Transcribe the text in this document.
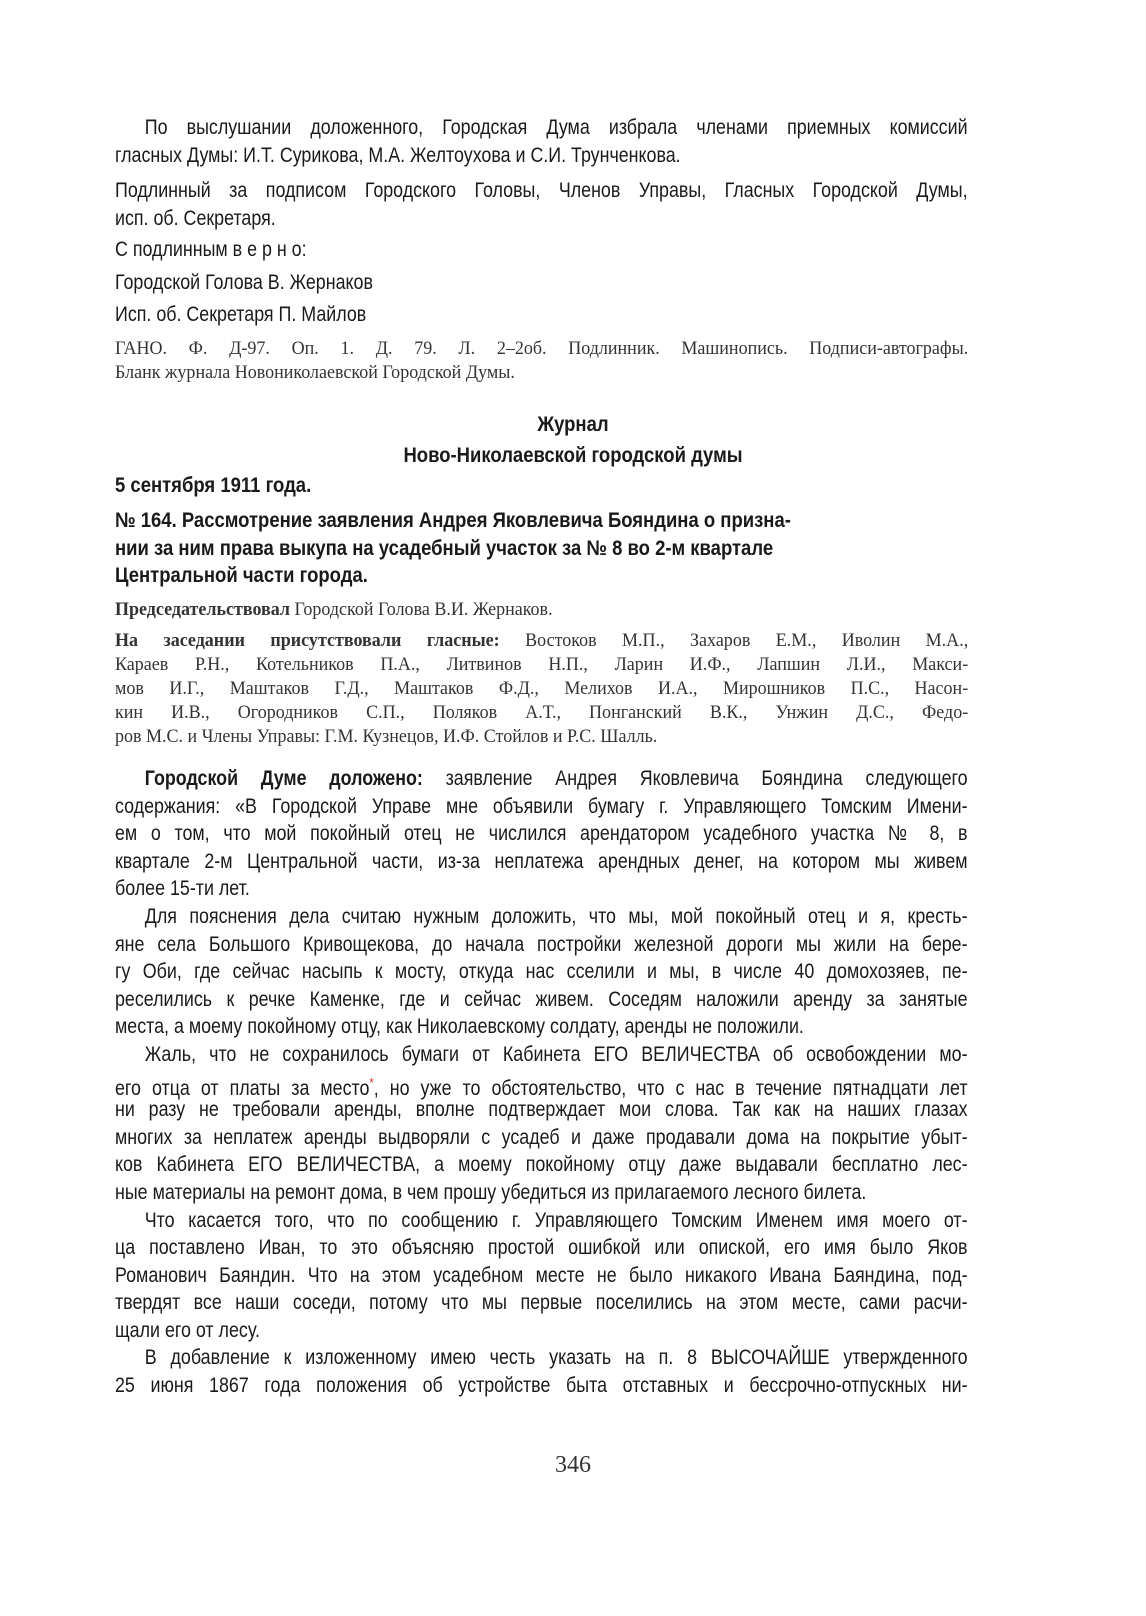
Журнал
Ново-Николаевской городской думы
5 сентября 1911 года.
№ 164. Рассмотрение заявления Андрея Яковлевича Бояндина о призна-
нии за ним права выкупа на усадебный участок за № 8 во 2-м квартале
Центральной части города.
По выслушании доложенного, Городская Дума избрала членами приемных комиссий
гласных Думы: И.Т. Сурикова, М.А. Желтоухова и С.И. Трунченкова.
Подлинный за подписом Городского Головы, Членов Управы, Гласных Городской Думы,
исп. об. Секретаря.
С подлинным в е р н о:
Городской Голова В. Жернаков
Исп. об. Секретаря П. Майлов
ГАНО. Ф. Д-97. Оп. 1. Д. 79. Л. 2–2об. Подлинник. Машинопись. Подписи-автографы.
Бланк журнала Новониколаевской Городской Думы.
Председательствовал Городской Голова В.И. Жернаков.
На заседании присутствовали гласные: Востоков М.П., Захаров Е.М., Иволин М.А.,
Караев Р.Н., Котельников П.А., Литвинов Н.П., Ларин И.Ф., Лапшин Л.И., Макси-
мов И.Г., Маштаков Г.Д., Маштаков Ф.Д., Мелихов И.А., Мирошников П.С., Насон-
кин И.В., Огородников С.П., Поляков А.Т., Понганский В.К., Унжин Д.С., Федо-
ров М.С. и Члены Управы: Г.М. Кузнецов, И.Ф. Стойлов и Р.С. Шалль.
Городской Думе доложено: заявление Андрея Яковлевича Бояндина следующего
содержания: «В Городской Управе мне объявили бумагу г. Управляющего Томским Имени-
ем о том, что мой покойный отец не числился арендатором усадебного участка № 8, в
квартале 2-м Центральной части, из-за неплатежа арендных денег, на котором мы живем
более 15-ти лет.
Для пояснения дела считаю нужным доложить, что мы, мой покойный отец и я, кресть-
яне села Большого Кривощекова, до начала постройки железной дороги мы жили на бере-
гу Оби, где сейчас насыпь к мосту, откуда нас сселили и мы, в числе 40 домохозяев, пе-
реселились к речке Каменке, где и сейчас живем. Соседям наложили аренду за занятые
места, а моему покойному отцу, как Николаевскому солдату, аренды не положили.
Жаль, что не сохранилось бумаги от Кабинета ЕГО ВЕЛИЧЕСТВА об освобождении мо-
его отца от платы за место*, но уже то обстоятельство, что с нас в течение пятнадцати лет
ни разу не требовали аренды, вполне подтверждает мои слова. Так как на наших глазах
многих за неплатеж аренды выдворяли с усадеб и даже продавали дома на покрытие убыт-
ков Кабинета ЕГО ВЕЛИЧЕСТВА, а моему покойному отцу даже выдавали бесплатно лес-
ные материалы на ремонт дома, в чем прошу убедиться из прилагаемого лесного билета.
Что касается того, что по сообщению г. Управляющего Томским Именем имя моего от-
ца поставлено Иван, то это объясняю простой ошибкой или опиской, его имя было Яков
Романович Баяндин. Что на этом усадебном месте не было никакого Ивана Баяндина, под-
твердят все наши соседи, потому что мы первые поселились на этом месте, сами расчи-
щали его от лесу.
В добавление к изложенному имею честь указать на п. 8 ВЫСОЧАЙШЕ утвержденного
25 июня 1867 года положения об устройстве быта отставных и бессрочно-отпускных ни-
346
